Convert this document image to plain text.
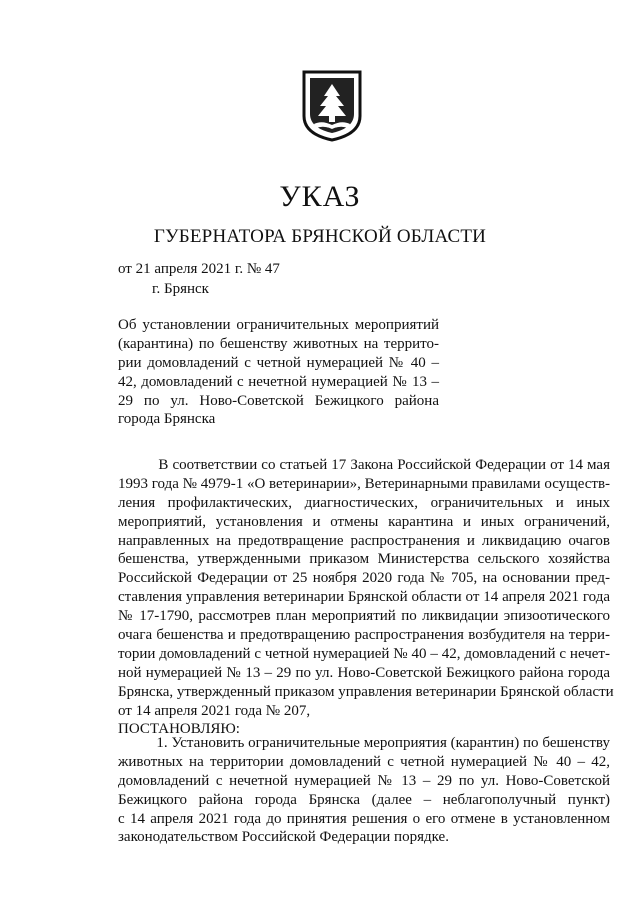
УКАЗ
ГУБЕРНАТОРА БРЯНСКОЙ ОБЛАСТИ
от 21 апреля 2021 г. № 47
г. Брянск
Об установлении ограничительных мероприятий
(карантина) по бешенству животных на террито-
рии домовладений с четной нумерацией № 40 –
42, домовладений с нечетной нумерацией № 13 –
29 по ул. Ново-Советской Бежицкого района
города Брянска
В соответствии со статьей 17 Закона Российской Федерации от 14 мая
1993 года № 4979-1 «О ветеринарии», Ветеринарными правилами осуществ-
ления профилактических, диагностических, ограничительных и иных
мероприятий, установления и отмены карантина и иных ограничений,
направленных на предотвращение распространения и ликвидацию очагов
бешенства, утвержденными приказом Министерства сельского хозяйства
Российской Федерации от 25 ноября 2020 года № 705, на основании пред-
ставления управления ветеринарии Брянской области от 14 апреля 2021 года
№ 17-1790, рассмотрев план мероприятий по ликвидации эпизоотического
очага бешенства и предотвращению распространения возбудителя на терри-
тории домовладений с четной нумерацией № 40 – 42, домовладений с нечет-
ной нумерацией № 13 – 29 по ул. Ново-Советской Бежицкого района города
Брянска, утвержденный приказом управления ветеринарии Брянской области
от 14 апреля 2021 года № 207,
ПОСТАНОВЛЯЮ:
1. Установить ограничительные мероприятия (карантин) по бешенству
животных на территории домовладений с четной нумерацией № 40 – 42,
домовладений с нечетной нумерацией № 13 – 29 по ул. Ново-Советской
Бежицкого района города Брянска (далее – неблагополучный пункт)
с 14 апреля 2021 года до принятия решения о его отмене в установленном
законодательством Российской Федерации порядке.
